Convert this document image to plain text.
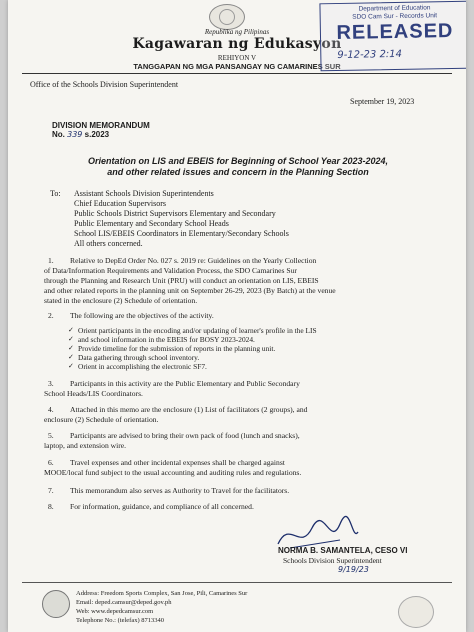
Republika ng Pilipinas
Kagawaran ng Edukasyon
REHIYON V
TANGGAPAN NG MGA PANSANGAY NG CAMARINES SUR
Department of Education
SDO Cam Sur - Records Unit
RELEASED
9-12-23 2:14
Office of the Schools Division Superintendent
September 19, 2023
DIVISION MEMORANDUM
No. 339 s.2023
Orientation on LIS and EBEIS for Beginning of School Year 2023-2024,
and other related issues and concern in the Planning Section
To: Assistant Schools Division Superintendents
Chief Education Supervisors
Public Schools District Supervisors Elementary and Secondary
Public Elementary and Secondary School Heads
School LIS/EBEIS Coordinators in Elementary/Secondary Schools
All others concerned.
1. Relative to DepEd Order No. 027 s. 2019 re: Guidelines on the Yearly Collection
of Data/Information Requirements and Validation Process, the SDO Camarines Sur
through the Planning and Research Unit (PRU) will conduct an orientation on LIS, EBEIS
and other related reports in the planning unit on September 26-29, 2023 (By Batch) at the venue
stated in the enclosure (2) Schedule of orientation.
2. The following are the objectives of the activity.
✓ Orient participants in the encoding and/or updating of learner's profile in the LIS
✓ and school information in the EBEIS for BOSY 2023-2024.
✓ Provide timeline for the submission of reports in the planning unit.
✓ Data gathering through school inventory.
✓ Orient in accomplishing the electronic SF7.
3. Participants in this activity are the Public Elementary and Public Secondary
School Heads/LIS Coordinators.
4. Attached in this memo are the enclosure (1) List of facilitators (2 groups), and
enclosure (2) Schedule of orientation.
5. Participants are advised to bring their own pack of food (lunch and snacks),
laptop, and extension wire.
6. Travel expenses and other incidental expenses shall be charged against
MOOE/local fund subject to the usual accounting and auditing rules and regulations.
7. This memorandum also serves as Authority to Travel for the facilitators.
8. For information, guidance, and compliance of all concerned.
NORMA B. SAMANTELA, CESO VI
Schools Division Superintendent
9/19/23
Address: Freedom Sports Complex, San Jose, Pili, Camarines Sur
Email: deped.camsur@deped.gov.ph
Web: www.depedcamsur.com
Telephone No.: (telefax) 8713340
